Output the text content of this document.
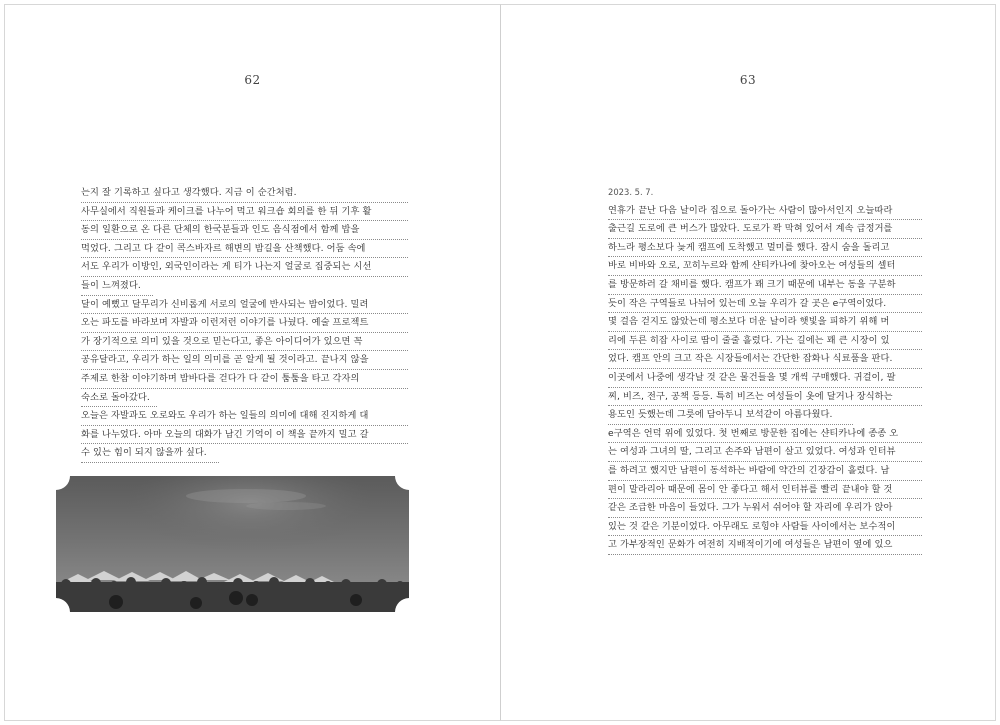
62
는지 잘 기록하고 싶다고 생각했다. 지금 이 순간처럼.
사무실에서 직원들과 케이크를 나누어 먹고 워크숍 회의를 한 뒤 기후 활
동의 일환으로 온 다른 단체의 한국분들과 인도 음식점에서 함께 밥을
먹었다. 그리고 다 같이 콕스바자르 해변의 밤길을 산책했다. 어둠 속에
서도 우리가 이방인, 외국인이라는 게 티가 나는지 얼굴로 집중되는 시선
들이 느껴졌다.
달이 예뻤고 달무리가 신비롭게 서로의 얼굴에 반사되는 밤이었다. 밀려
오는 파도를 바라보며 자발과 이런저런 이야기를 나눴다. 예술 프로젝트
가 장기적으로 의미 있을 것으로 믿는다고, 좋은 아이디어가 있으면 꼭
공유달라고, 우리가 하는 일의 의미를 곧 알게 될 것이라고. 끝나지 않을
주제로 한참 이야기하며 밤바다를 걷다가 다 같이 툼툼을 타고 각자의
숙소로 돌아갔다.
오늘은 자발과도 오로와도 우리가 하는 일들의 의미에 대해 진지하게 대
화를 나누었다. 아마 오늘의 대화가 남긴 기억이 이 책을 끝까지 밀고 갈
수 있는 힘이 되지 않을까 싶다.
63
2023. 5. 7.
연휴가 끝난 다음 날이라 집으로 돌아가는 사람이 많아서인지 오늘따라
출근길 도로에 큰 버스가 많았다. 도로가 꽉 막혀 있어서 계속 급정거를
하느라 평소보다 늦게 캠프에 도착했고 멀미를 했다. 잠시 숨을 돌리고
바로 비바와 오로, 꼬히누르와 함께 샨티카나에 찾아오는 여성들의 셀터
를 방문하러 갈 채비를 했다. 캠프가 꽤 크기 때문에 내부는 동을 구분하
듯이 작은 구역들로 나뉘어 있는데 오늘 우리가 갈 곳은 e구역이었다.
몇 걸음 걷지도 않았는데 평소보다 더운 날이라 햇빛을 피하기 위해 머
리에 두른 히잡 사이로 땀이 줄줄 흘렀다. 가는 길에는 꽤 큰 시장이 있
었다. 캠프 안의 크고 작은 시장들에서는 간단한 잡화나 식료품을 판다.
이곳에서 나중에 생각날 것 같은 물건들을 몇 개씩 구매했다. 귀걸이, 팔
찌, 비즈, 전구, 공책 등등. 특히 비즈는 여성들이 옷에 달거나 장식하는
용도인 듯했는데 그릇에 담아두니 보석같이 아름다웠다.
e구역은 언덕 위에 있었다. 첫 번째로 방문한 집에는 샨티카나에 종종 오
는 여성과 그녀의 딸, 그리고 손주와 남편이 살고 있었다. 여성과 인터뷰
를 하려고 했지만 남편이 동석하는 바람에 약간의 긴장감이 흘렀다. 남
편이 말라리아 때문에 몸이 안 좋다고 해서 인터뷰를 빨리 끝내야 할 것
같은 조급한 마음이 들었다. 그가 누워서 쉬어야 할 자리에 우리가 앉아
있는 것 같은 기분이었다. 아무래도 로힝야 사람들 사이에서는 보수적이
고 가부장적인 문화가 여전히 지배적이기에 여성들은 남편이 옆에 있으
